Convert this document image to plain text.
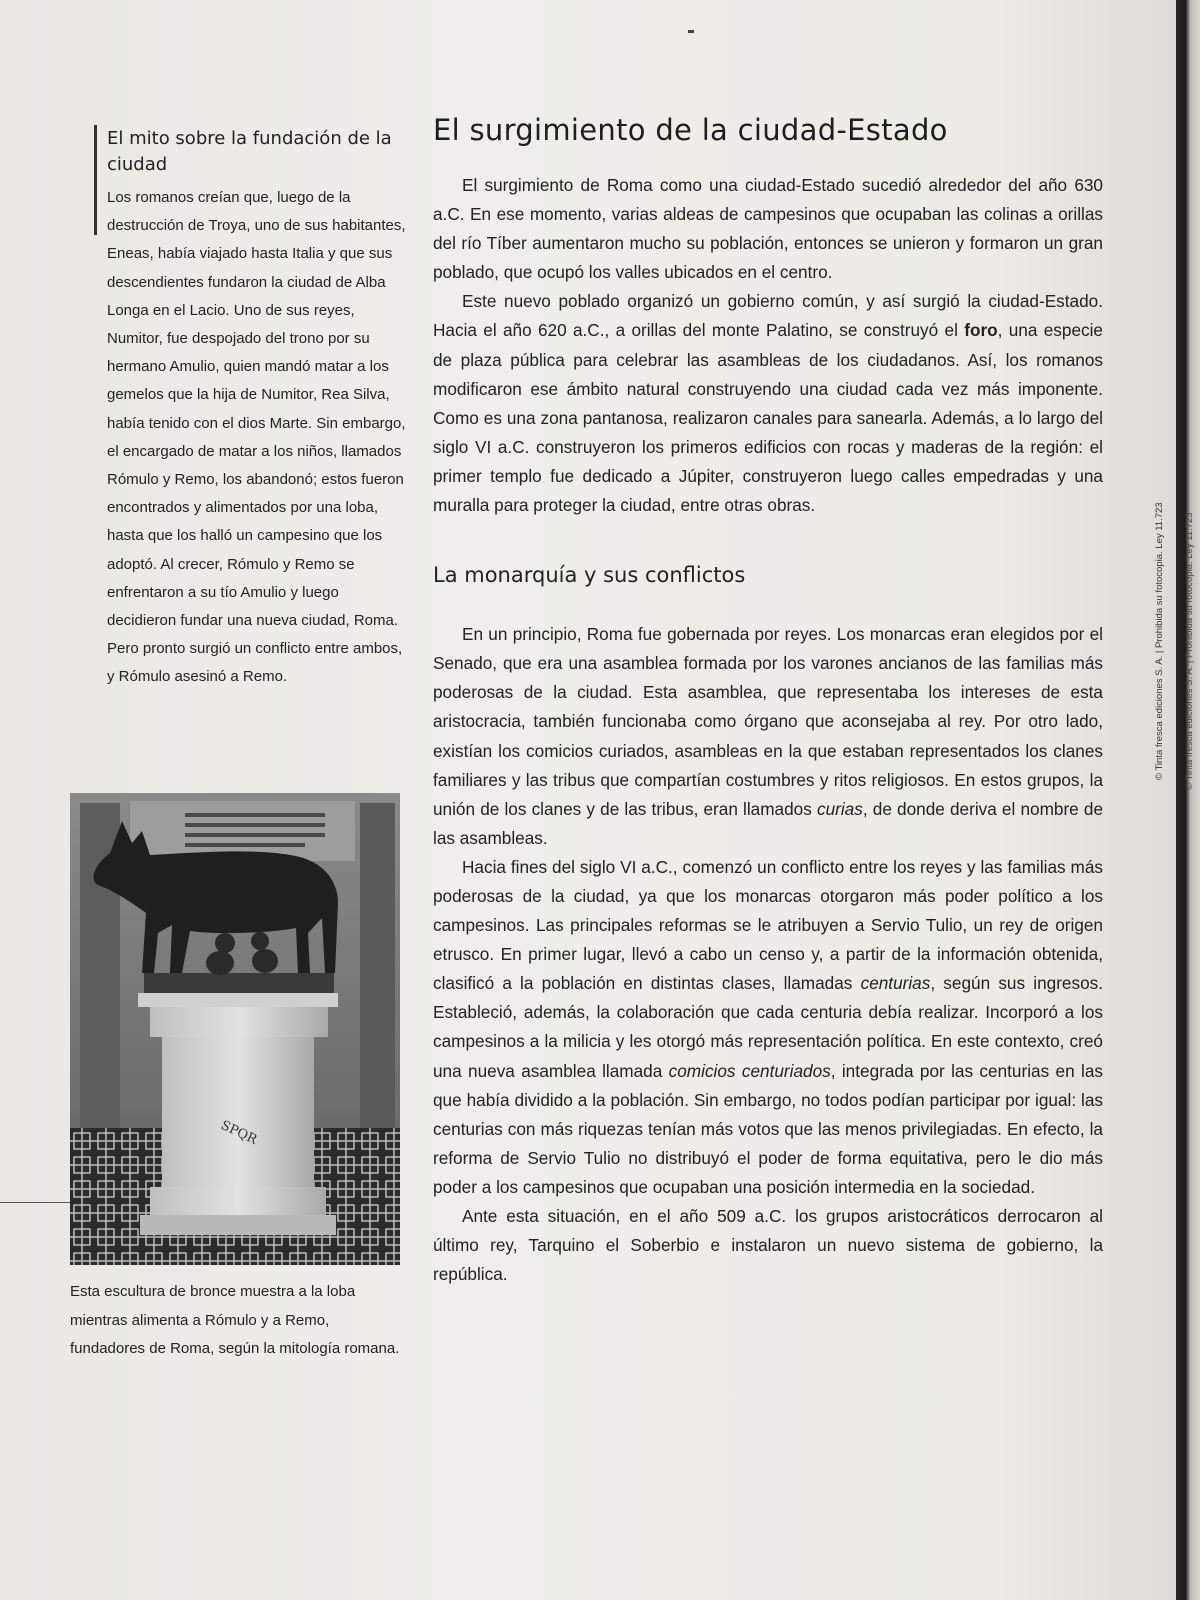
El mito sobre la fundación de la ciudad

Los romanos creían que, luego de la destrucción de Troya, uno de sus habitantes, Eneas, había viajado hasta Italia y que sus descendientes fundaron la ciudad de Alba Longa en el Lacio. Uno de sus reyes, Numitor, fue despojado del trono por su hermano Amulio, quien mandó matar a los gemelos que la hija de Numitor, Rea Silva, había tenido con el dios Marte. Sin embargo, el encargado de matar a los niños, llamados Rómulo y Remo, los abandonó; estos fueron encontrados y alimentados por una loba, hasta que los halló un campesino que los adoptó. Al crecer, Rómulo y Remo se enfrentaron a su tío Amulio y luego decidieron fundar una nueva ciudad, Roma. Pero pronto surgió un conflicto entre ambos, y Rómulo asesinó a Remo.

SPQR

Esta escultura de bronce muestra a la loba mientras alimenta a Rómulo y a Remo, fundadores de Roma, según la mitología romana.

El surgimiento de la ciudad-Estado

El surgimiento de Roma como una ciudad-Estado sucedió alrededor del año 630 a.C. En ese momento, varias aldeas de campesinos que ocupaban las colinas a orillas del río Tíber aumentaron mucho su población, entonces se unieron y formaron un gran poblado, que ocupó los valles ubicados en el centro.

Este nuevo poblado organizó un gobierno común, y así surgió la ciudad-Estado. Hacia el año 620 a.C., a orillas del monte Palatino, se construyó el foro, una especie de plaza pública para celebrar las asambleas de los ciudadanos. Así, los romanos modificaron ese ámbito natural construyendo una ciudad cada vez más imponente. Como es una zona pantanosa, realizaron canales para sanearla. Además, a lo largo del siglo VI a.C. construyeron los primeros edificios con rocas y maderas de la región: el primer templo fue dedicado a Júpiter, construyeron luego calles empedradas y una muralla para proteger la ciudad, entre otras obras.

La monarquía y sus conflictos

En un principio, Roma fue gobernada por reyes. Los monarcas eran elegidos por el Senado, que era una asamblea formada por los varones ancianos de las familias más poderosas de la ciudad. Esta asamblea, que representaba los intereses de esta aristocracia, también funcionaba como órgano que aconsejaba al rey. Por otro lado, existían los comicios curiados, asambleas en la que estaban representados los clanes familiares y las tribus que compartían costumbres y ritos religiosos. En estos grupos, la unión de los clanes y de las tribus, eran llamados curias, de donde deriva el nombre de las asambleas.

Hacia fines del siglo VI a.C., comenzó un conflicto entre los reyes y las familias más poderosas de la ciudad, ya que los monarcas otorgaron más poder político a los campesinos. Las principales reformas se le atribuyen a Servio Tulio, un rey de origen etrusco. En primer lugar, llevó a cabo un censo y, a partir de la información obtenida, clasificó a la población en distintas clases, llamadas centurias, según sus ingresos. Estableció, además, la colaboración que cada centuria debía realizar. Incorporó a los campesinos a la milicia y les otorgó más representación política. En este contexto, creó una nueva asamblea llamada comicios centuriados, integrada por las centurias en las que había dividido a la población. Sin embargo, no todos podían participar por igual: las centurias con más riquezas tenían más votos que las menos privilegiadas. En efecto, la reforma de Servio Tulio no distribuyó el poder de forma equitativa, pero le dio más poder a los campesinos que ocupaban una posición intermedia en la sociedad.

Ante esta situación, en el año 509 a.C. los grupos aristocráticos derrocaron al último rey, Tarquino el Soberbio e instalaron un nuevo sistema de gobierno, la república.

© Tinta fresca ediciones S. A. | Prohibida su fotocopia. Ley 11.723 © Tinta fresca ediciones S. A. | Prohibida su fotocopia. Ley 11.723
